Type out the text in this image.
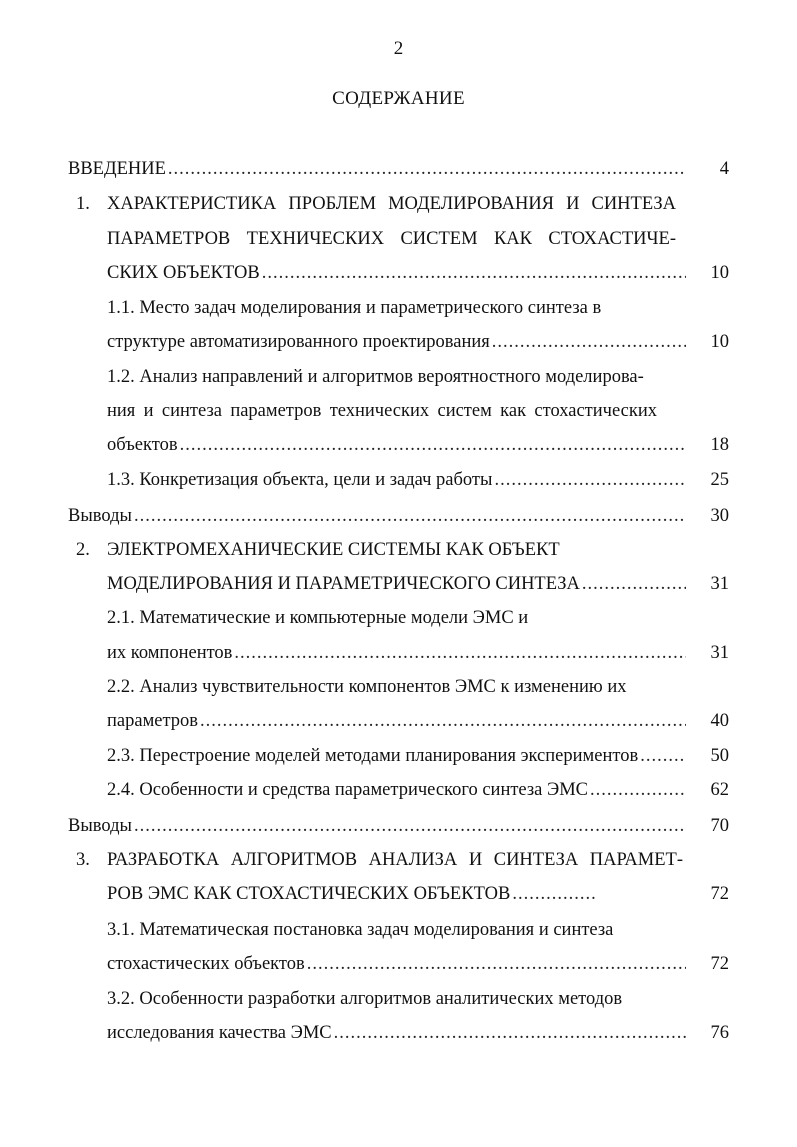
2
СОДЕРЖАНИЕ
ВВЕДЕНИЕ .....	4
1. ХАРАКТЕРИСТИКА ПРОБЛЕМ МОДЕЛИРОВАНИЯ И СИНТЕЗА
ПАРАМЕТРОВ ТЕХНИЧЕСКИХ СИСТЕМ КАК СТОХАСТИЧЕ-
СКИХ ОБЪЕКТОВ .....	10
1.1. Место задач моделирования и параметрического синтеза в
структуре автоматизированного проектирования .....	10
1.2. Анализ направлений и алгоритмов вероятностного моделирова-
ния и синтеза параметров технических систем как стохастических
объектов .....	18
1.3. Конкретизация объекта, цели и задач работы .....	25
Выводы .....	30
2. ЭЛЕКТРОМЕХАНИЧЕСКИЕ СИСТЕМЫ КАК ОБЪЕКТ
МОДЕЛИРОВАНИЯ И ПАРАМЕТРИЧЕСКОГО СИНТЕЗА .....	31
2.1. Математические и компьютерные модели ЭМС и
их компонентов .....	31
2.2. Анализ чувствительности компонентов ЭМС к изменению их
параметров .....	40
2.3. Перестроение моделей методами планирования экспериментов .....	50
2.4. Особенности и средства параметрического синтеза ЭМС .....	62
Выводы .....	70
3. РАЗРАБОТКА АЛГОРИТМОВ АНАЛИЗА И СИНТЕЗА ПАРАМЕТ-
РОВ ЭМС КАК СТОХАСТИЧЕСКИХ ОБЪЕКТОВ .....	72
3.1. Математическая постановка задач моделирования и синтеза
стохастических объектов .....	72
3.2. Особенности разработки алгоритмов аналитических методов
исследования качества ЭМС .....	76
